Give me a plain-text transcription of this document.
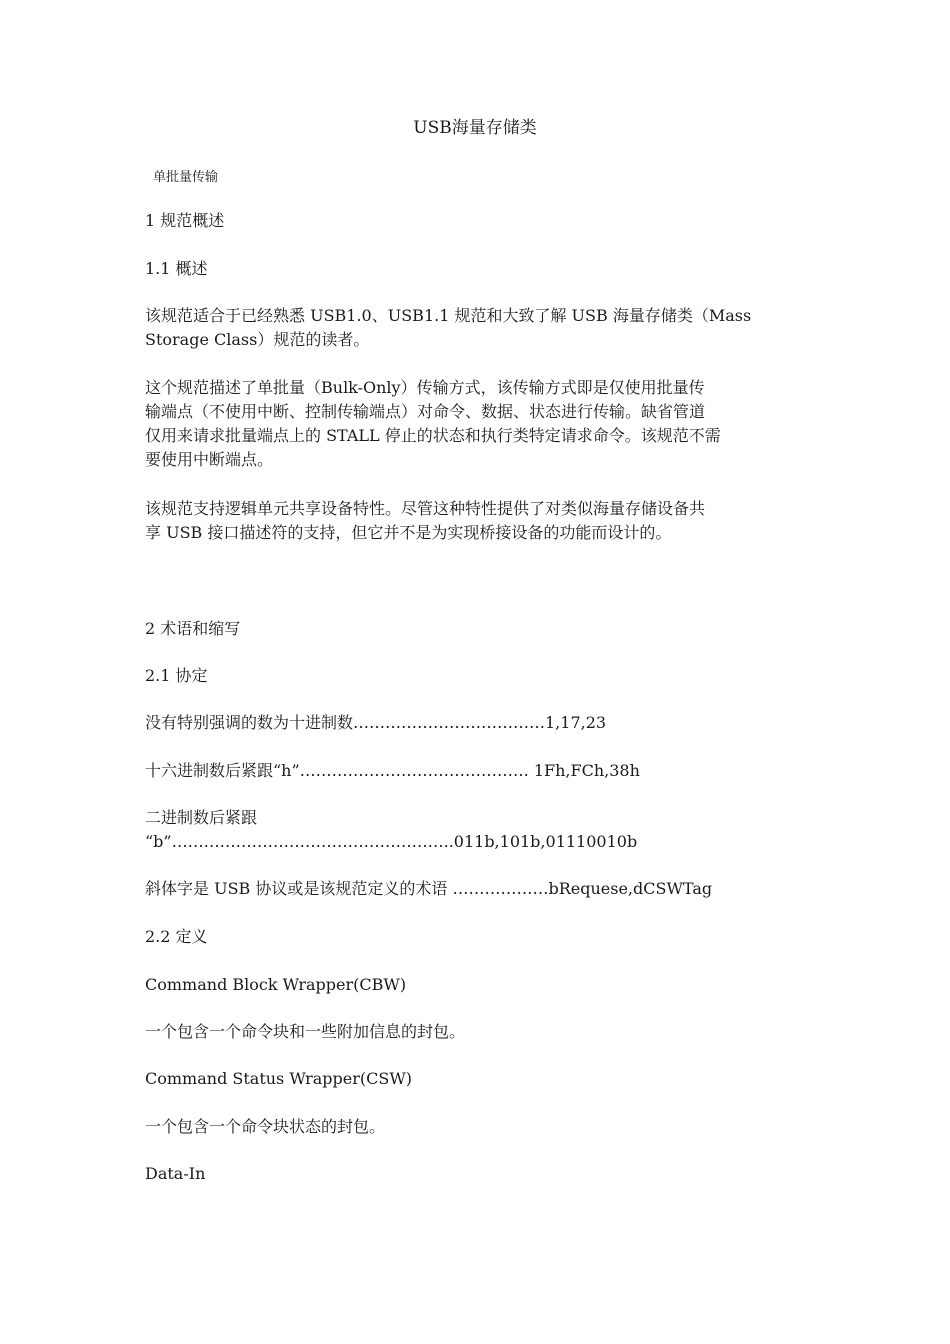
USB海量存储类

单批量传输

1 规范概述

1.1 概述

该规范适合于已经熟悉 USB1.0、USB1.1 规范和大致了解 USB 海量存储类（Mass
Storage Class）规范的读者。
这个规范描述了单批量（Bulk-Only）传输方式，该传输方式即是仅使用批量传
输端点（不使用中断、控制传输端点）对命令、数据、状态进行传输。缺省管道
仅用来请求批量端点上的 STALL 停止的状态和执行类特定请求命令。该规范不需
要使用中断端点。
该规范支持逻辑单元共享设备特性。尽管这种特性提供了对类似海量存储设备共
享 USB 接口描述符的支持，但它并不是为实现桥接设备的功能而设计的。

2 术语和缩写

2.1 协定

没有特别强调的数为十进制数………………………………1,17,23

十六进制数后紧跟“h”……………………………………. 1Fh,FCh,38h

二进制数后紧跟
“b”……………………………………………..011b,101b,01110010b

斜体字是 USB 协议或是该规范定义的术语 ………………bRequese,dCSWTag

2.2 定义

Command Block Wrapper(CBW)

一个包含一个命令块和一些附加信息的封包。

Command Status Wrapper(CSW)

一个包含一个命令块状态的封包。

Data-In
